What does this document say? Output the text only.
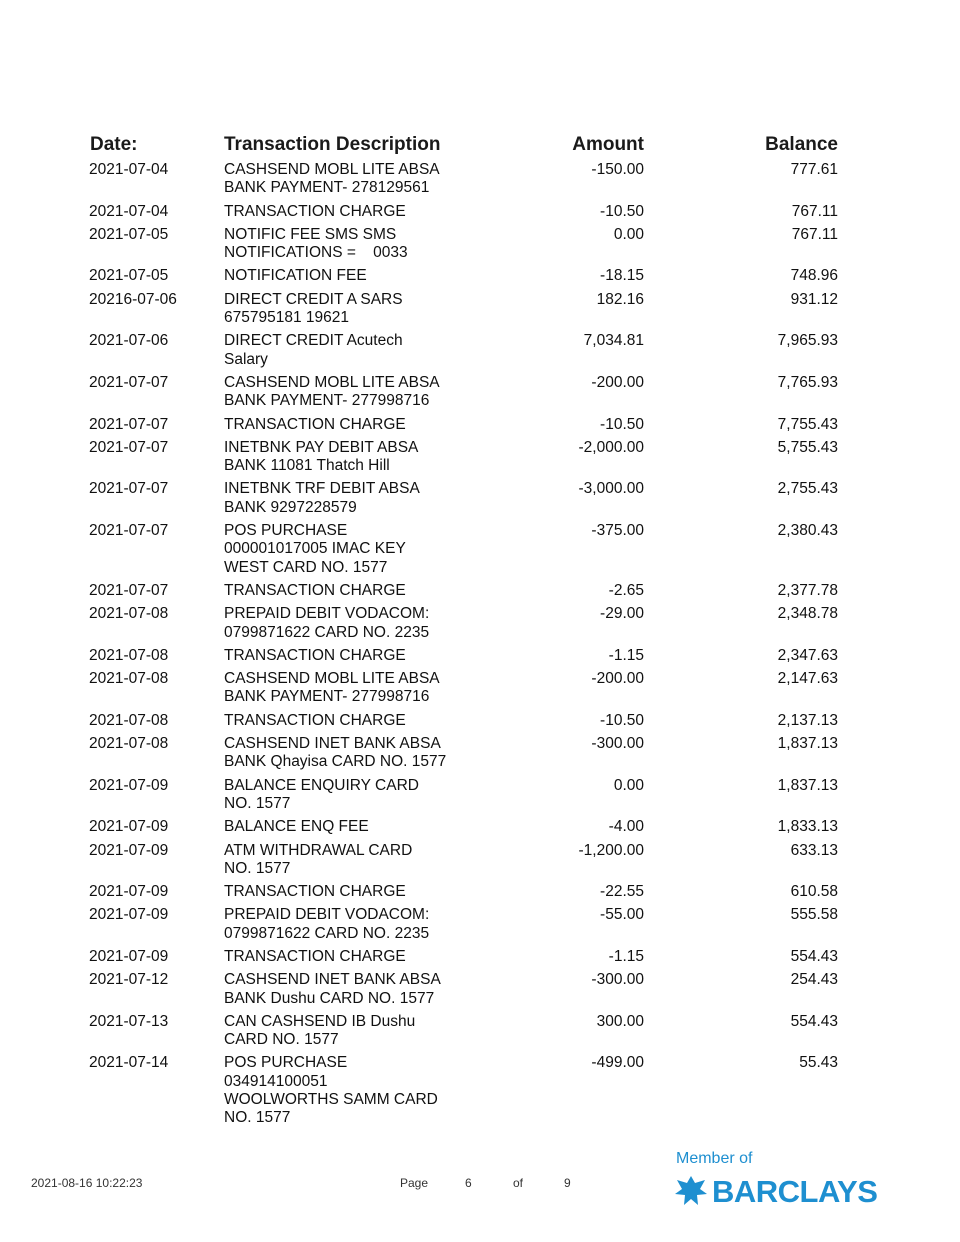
Date:	Transaction Description	Amount	Balance
2021-07-04	CASHSEND MOBL LITE ABSA
BANK PAYMENT- 278129561
-150.00	777.61
2021-07-04	TRANSACTION CHARGE	-10.50	767.11
2021-07-05	NOTIFIC FEE SMS SMS
NOTIFICATIONS =    0033
0.00	767.11
2021-07-05	NOTIFICATION FEE	-18.15	748.96
20216-07-06	DIRECT CREDIT A SARS
675795181 19621
182.16	931.12
2021-07-06	DIRECT CREDIT Acutech
Salary
7,034.81	7,965.93
2021-07-07	CASHSEND MOBL LITE ABSA
BANK PAYMENT- 277998716
-200.00	7,765.93
2021-07-07	TRANSACTION CHARGE	-10.50	7,755.43
2021-07-07	INETBNK PAY DEBIT ABSA
BANK 11081 Thatch Hill
-2,000.00	5,755.43
2021-07-07	INETBNK TRF DEBIT ABSA
BANK 9297228579
-3,000.00	2,755.43
2021-07-07	POS PURCHASE
000001017005 IMAC KEY
WEST CARD NO. 1577
-375.00	2,380.43
2021-07-07	TRANSACTION CHARGE	-2.65	2,377.78
2021-07-08	PREPAID DEBIT VODACOM:
0799871622 CARD NO. 2235
-29.00	2,348.78
2021-07-08	TRANSACTION CHARGE	-1.15	2,347.63
2021-07-08	CASHSEND MOBL LITE ABSA
BANK PAYMENT- 277998716
-200.00	2,147.63
2021-07-08	TRANSACTION CHARGE	-10.50	2,137.13
2021-07-08	CASHSEND INET BANK ABSA
BANK Qhayisa CARD NO. 1577
-300.00	1,837.13
2021-07-09	BALANCE ENQUIRY CARD
NO. 1577
0.00	1,837.13
2021-07-09	BALANCE ENQ FEE	-4.00	1,833.13
2021-07-09	ATM WITHDRAWAL CARD
NO. 1577
-1,200.00	633.13
2021-07-09	TRANSACTION CHARGE	-22.55	610.58
2021-07-09	PREPAID DEBIT VODACOM:
0799871622 CARD NO. 2235
-55.00	555.58
2021-07-09	TRANSACTION CHARGE	-1.15	554.43
2021-07-12	CASHSEND INET BANK ABSA
BANK Dushu CARD NO. 1577
-300.00	254.43
2021-07-13	CAN CASHSEND IB Dushu
CARD NO. 1577
300.00	554.43
2021-07-14	POS PURCHASE
034914100051
WOOLWORTHS SAMM CARD
NO. 1577
-499.00	55.43
2021-08-16 10:22:23	Page	6	of	9
Member of
BARCLAYS
